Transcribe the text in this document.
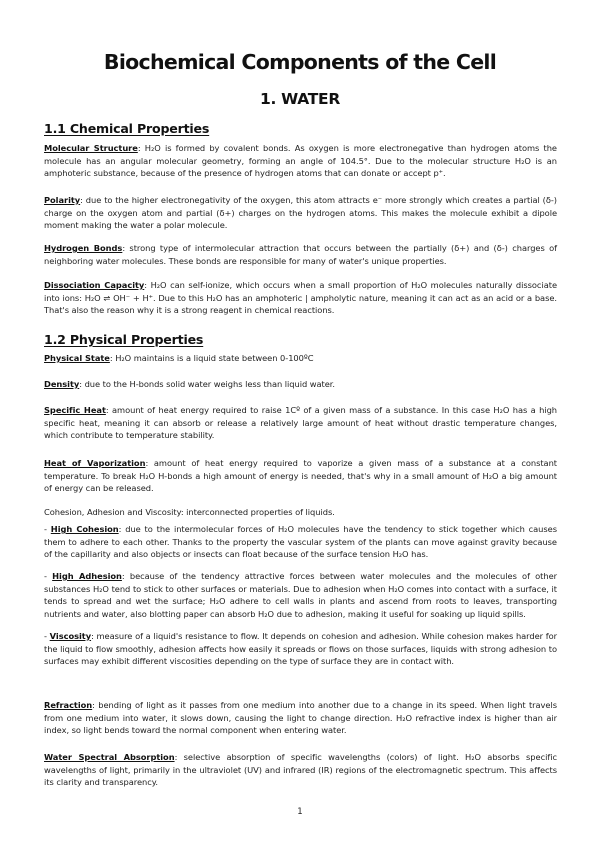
Biochemical Components of the Cell
1. WATER
1.1 Chemical Properties

Molecular Structure: H₂O is formed by covalent bonds. As oxygen is more electronegative than hydrogen atoms the molecule has an angular molecular geometry, forming an angle of 104.5°. Due to the molecular structure H₂O is an amphoteric substance, because of the presence of hydrogen atoms that can donate or accept p⁺.

Polarity: due to the higher electronegativity of the oxygen, this atom attracts e⁻ more strongly which creates a partial (δ-) charge on the oxygen atom and partial (δ+) charges on the hydrogen atoms. This makes the molecule exhibit a dipole moment making the water a polar molecule.

Hydrogen Bonds: strong type of intermolecular attraction that occurs between the partially (δ+) and (δ-) charges of neighboring water molecules. These bonds are responsible for many of water's unique properties.

Dissociation Capacity: H₂O can self-ionize, which occurs when a small proportion of H₂O molecules naturally dissociate into ions: H₂O ⇌ OH⁻ + H⁺. Due to this H₂O has an amphoteric | ampholytic nature, meaning it can act as an acid or a base. That's also the reason why it is a strong reagent in chemical reactions.

1.2 Physical Properties

Physical State: H₂O maintains is a liquid state between 0-100ºC

Density: due to the H-bonds solid water weighs less than liquid water.

Specific Heat: amount of heat energy required to raise 1Cº of a given mass of a substance. In this case H₂O has a high specific heat, meaning it can absorb or release a relatively large amount of heat without drastic temperature changes, which contribute to temperature stability.

Heat of Vaporization: amount of heat energy required to vaporize a given mass of a substance at a constant temperature. To break H₂O H-bonds a high amount of energy is needed, that's why in a small amount of H₂O a big amount of energy can be released.

Cohesion, Adhesion and Viscosity: interconnected properties of liquids.

- High Cohesion: due to the intermolecular forces of H₂O molecules have the tendency to stick together which causes them to adhere to each other. Thanks to the property the vascular system of the plants can move against gravity because of the capillarity and also objects or insects can float because of the surface tension H₂O has.

- High Adhesion: because of the tendency attractive forces between water molecules and the molecules of other substances H₂O tend to stick to other surfaces or materials. Due to adhesion when H₂O comes into contact with a surface, it tends to spread and wet the surface; H₂O adhere to cell walls in plants and ascend from roots to leaves, transporting nutrients and water, also blotting paper can absorb H₂O due to adhesion, making it useful for soaking up liquid spills.

- Viscosity: measure of a liquid's resistance to flow. It depends on cohesion and adhesion. While cohesion makes harder for the liquid to flow smoothly, adhesion affects how easily it spreads or flows on those surfaces, liquids with strong adhesion to surfaces may exhibit different viscosities depending on the type of surface they are in contact with.

Refraction: bending of light as it passes from one medium into another due to a change in its speed. When light travels from one medium into water, it slows down, causing the light to change direction. H₂O refractive index is higher than air index, so light bends toward the normal component when entering water.

Water Spectral Absorption: selective absorption of specific wavelengths (colors) of light. H₂O absorbs specific wavelengths of light, primarily in the ultraviolet (UV) and infrared (IR) regions of the electromagnetic spectrum. This affects its clarity and transparency.

1
